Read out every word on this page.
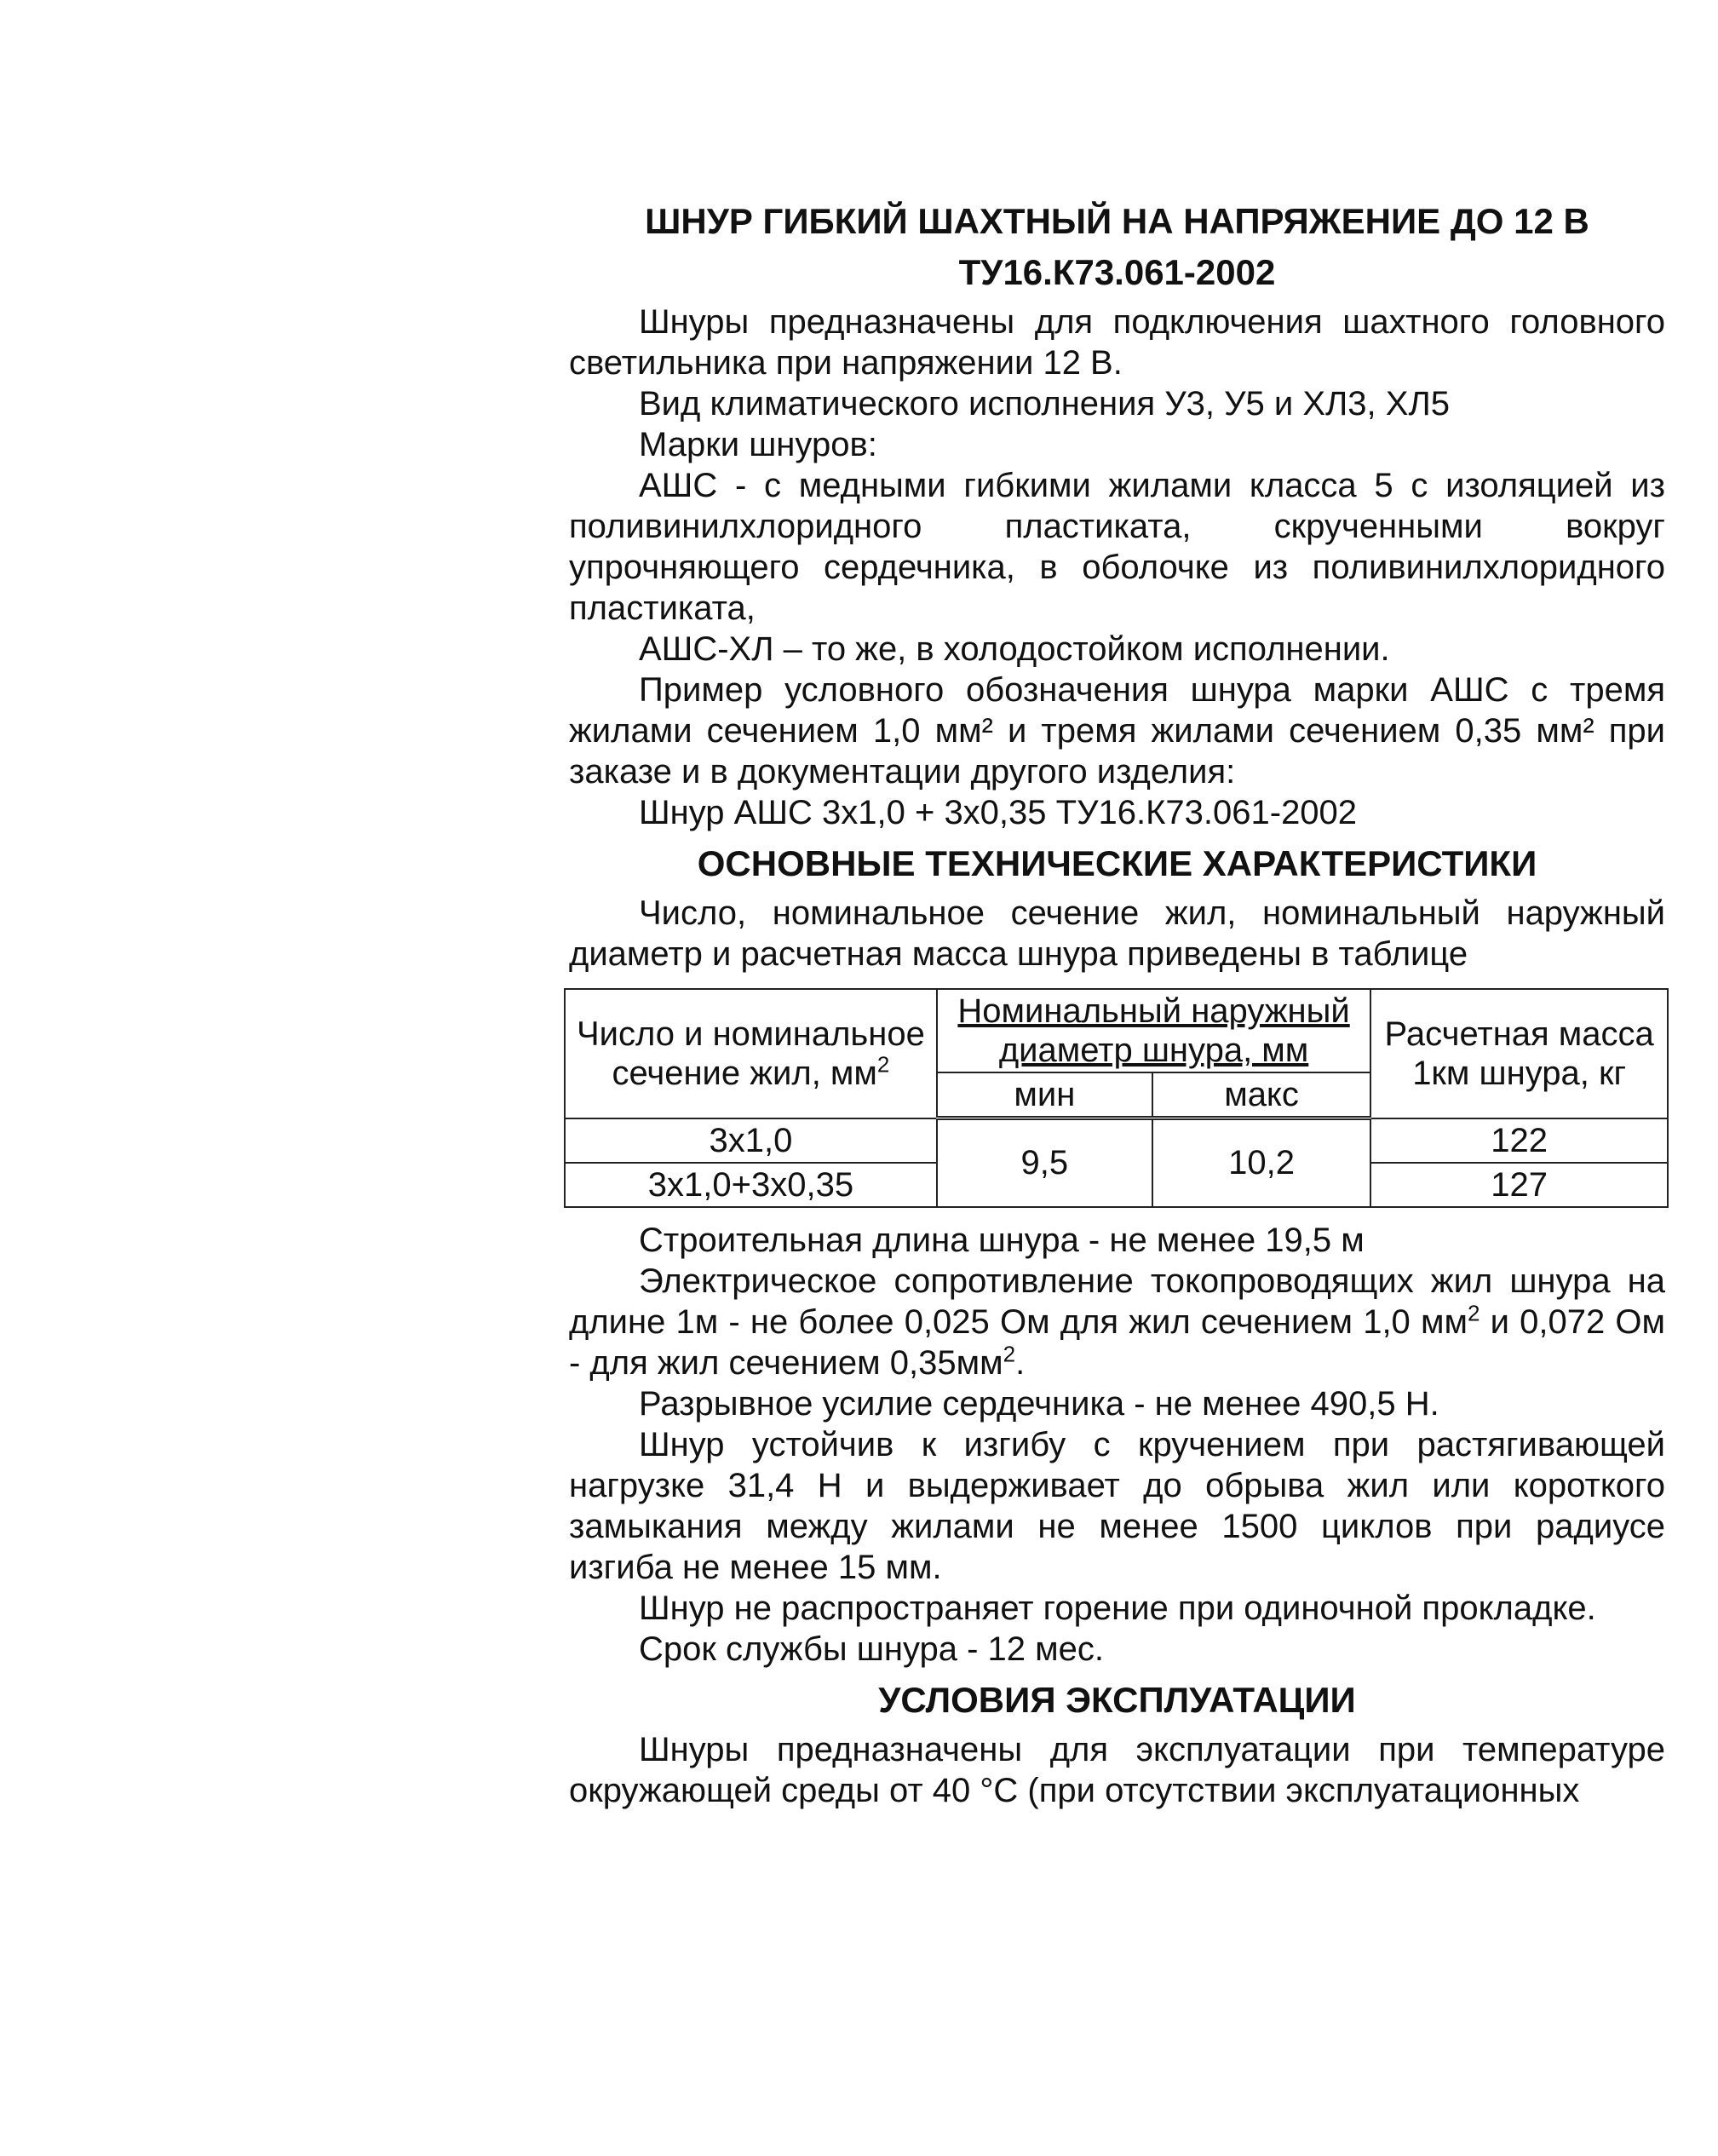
ШНУР ГИБКИЙ ШАХТНЫЙ НА НАПРЯЖЕНИЕ ДО 12 В
ТУ16.К73.061-2002

Шнуры предназначены для подключения шахтного головного светильника при напряжении 12 В.

Вид климатического исполнения У3, У5 и ХЛ3, ХЛ5

Марки шнуров:

АШС - с медными гибкими жилами класса 5 с изоляцией из поливинилхлоридного пластиката, скрученными вокруг упрочняющего сердечника, в оболочке из поливинилхлоридного пластиката,

АШС-ХЛ – то же, в холодостойком исполнении.

Пример условного обозначения шнура марки АШС с тремя жилами сечением 1,0 мм² и тремя жилами сечением 0,35 мм² при заказе и в документации другого изделия:

Шнур АШС 3х1,0 + 3х0,35 ТУ16.К73.061-2002

ОСНОВНЫЕ ТЕХНИЧЕСКИЕ ХАРАКТЕРИСТИКИ

Число, номинальное сечение жил, номинальный наружный диаметр и расчетная масса шнура приведены в таблице

Число и номинальное сечение жил, $мм^2$	Номинальный наружный диаметр шнура, мм		Расчетная масса 1км шнура, кг
	мин	макс	
3х1,0	9,5	10,2	122
3х1,0+3х0,35			127

Строительная длина шнура - не менее 19,5 м

Электрическое сопротивление токопроводящих жил шнура на длине 1м - не более 0,025 Ом для жил сечением 1,0 $мм^2$ и 0,072 Ом - для жил сечением $0,35мм^2$.

Разрывное усилие сердечника - не менее 490,5 Н.

Шнур устойчив к изгибу с кручением при растягивающей нагрузке 31,4 Н и выдерживает до обрыва жил или короткого замыкания между жилами не менее 1500 циклов при радиусе изгиба не менее 15 мм.

Шнур не распространяет горение при одиночной прокладке.

Срок службы шнура - 12 мес.

УСЛОВИЯ ЭКСПЛУАТАЦИИ

Шнуры предназначены для эксплуатации при температуре окружающей среды от 40 °С (при отсутствии эксплуатационных
